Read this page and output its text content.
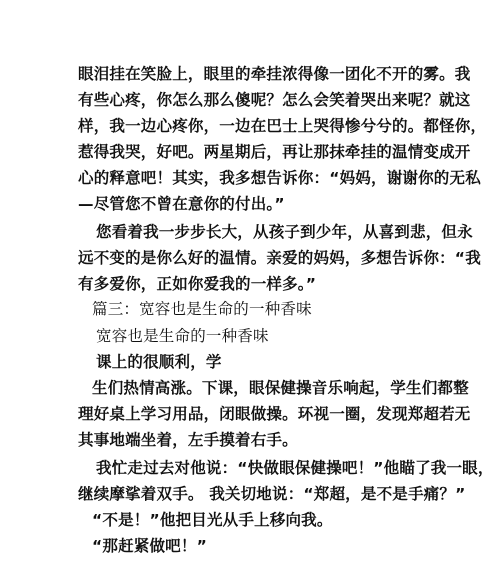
眼泪挂在笑脸上，眼里的牵挂浓得像一团化不开的雾。我
有些心疼，你怎么那么傻呢？怎么会笑着哭出来呢？就这
样，我一边心疼你，一边在巴士上哭得惨兮兮的。都怪你，
惹得我哭，好吧。两星期后，再让那抹牵挂的温情变成开
心的释意吧！其实，我多想告诉你：“妈妈，谢谢你的无私
—尽管您不曾在意你的付出。”
您看着我一步步长大，从孩子到少年，从喜到悲，但永
远不变的是你么好的温情。亲爱的妈妈，多想告诉你：“我
有多爱你，正如你爱我的一样多。”
篇三：宽容也是生命的一种香味
宽容也是生命的一种香味
课上的很顺利，学
生们热情高涨。下课，眼保健操音乐响起，学生们都整
理好桌上学习用品，闭眼做操。环视一圈，发现郑超若无
其事地端坐着，左手摸着右手。
我忙走过去对他说：“快做眼保健操吧！”他瞄了我一眼，
继续摩挲着双手。 我关切地说：“郑超，是不是手痛？”
“不是！”他把目光从手上移向我。
“那赶紧做吧！”
